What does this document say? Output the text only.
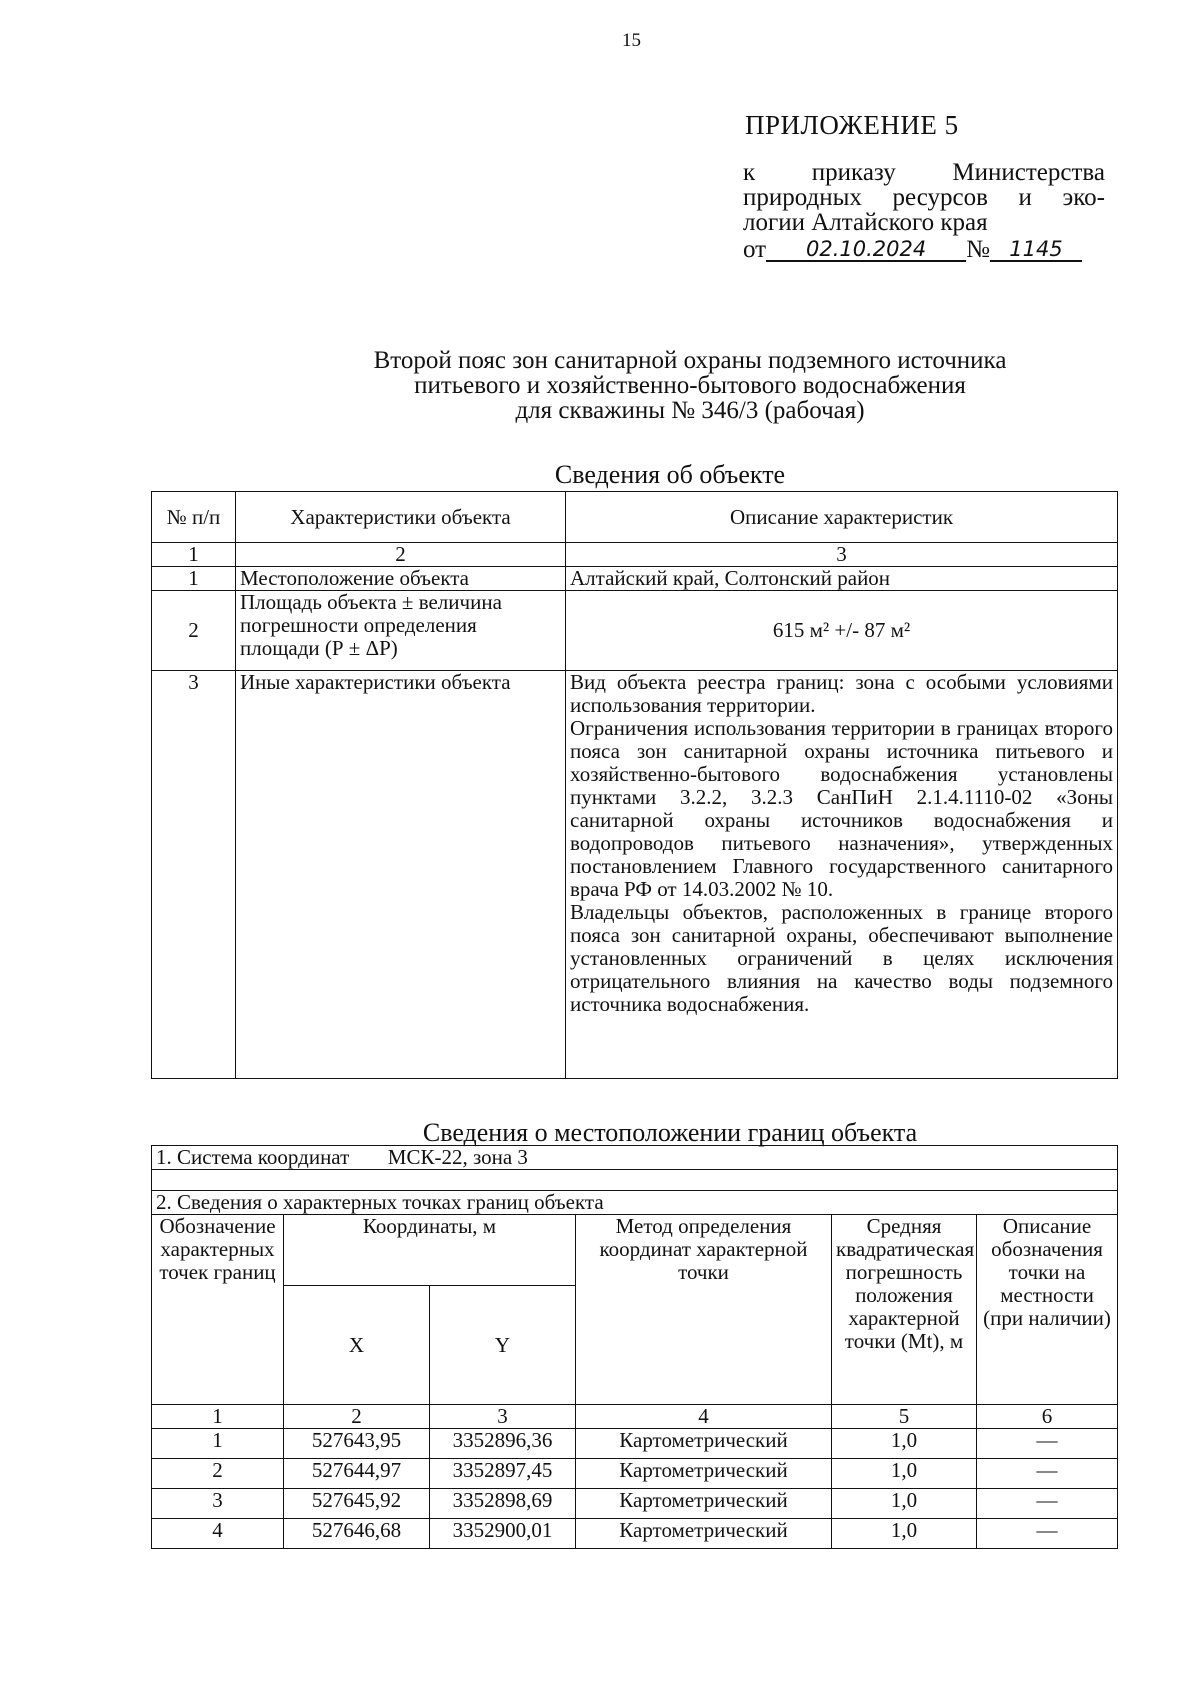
15
ПРИЛОЖЕНИЕ 5
к приказу Министерства
природных ресурсов и эко-
логии Алтайского края
от	02.10.2024	№ 1145
Второй пояс зон санитарной охраны подземного источника
питьевого и хозяйственно-бытового водоснабжения
для скважины № 346/3 (рабочая)
Сведения об объекте
№ п/п	Характеристики объекта	Описание характеристик
1	2	3
1	Местоположение объекта	Алтайский край, Солтонский район
2	Площадь объекта ± величина погрешности определения площади (Р ± ΔР)	615 м² +/- 87 м²
3	Иные характеристики объекта	Вид объекта реестра границ: зона с особыми условиями использования территории.
Ограничения использования территории в границах второго пояса зон санитарной охраны источника питьевого и хозяйственно-бытового водоснабжения установлены пунктами 3.2.2, 3.2.3 СанПиН 2.1.4.1110-02 «Зоны санитарной охраны источников водоснабжения и водопроводов питьевого назначения», утвержденных постановлением Главного государственного санитарного врача РФ от 14.03.2002 № 10.
Владельцы объектов, расположенных в границе второго пояса зон санитарной охраны, обеспечивают выполнение установленных ограничений в целях исключения отрицательного влияния на качество воды подземного источника водоснабжения.
Сведения о местоположении границ объекта
1. Система координат МСК-22, зона 3					

2. Сведения о характерных точках границ объекта					
Обозначение характерных точек границ	Координаты, м		Метод определения координат характерной точки	Средняя квадратическая погрешность положения характерной точки (Mt), м	Описание обозначения точки на местности (при наличии)
	X	Y			
1	2	3	4	5	6
1	527643,95	3352896,36	Картометрический	1,0	—
2	527644,97	3352897,45	Картометрический	1,0	—
3	527645,92	3352898,69	Картометрический	1,0	—
4	527646,68	3352900,01	Картометрический	1,0	—
